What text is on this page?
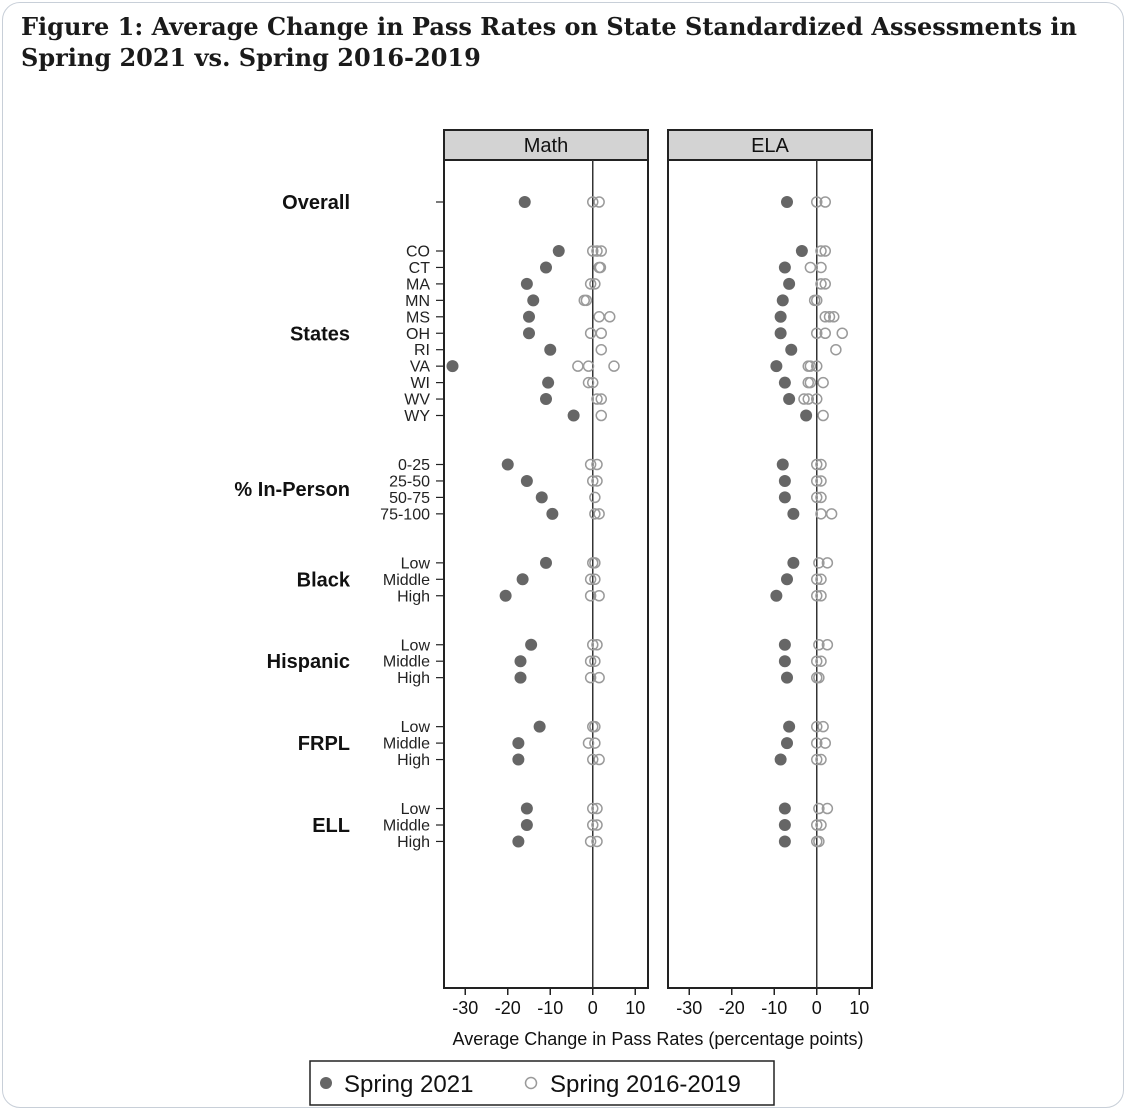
Figure 1: Average Change in Pass Rates on State Standardized Assessments in Spring 2021 vs. Spring 2016-2019
Math
-30 -20 -10 0 10
ELA
-30 -20 -10 0 10
Overall
States
CO
CT
MA
MN
MS
OH
RI
VA
WI
WV
WY
% In-Person
0-25
25-50
50-75
75-100
Black
Low
Middle
High
Hispanic
Low
Middle
High
FRPL
Low
Middle
High
ELL
Low
Middle
High
Average Change in Pass Rates (percentage points)
Spring 2021	Spring 2016-2019
